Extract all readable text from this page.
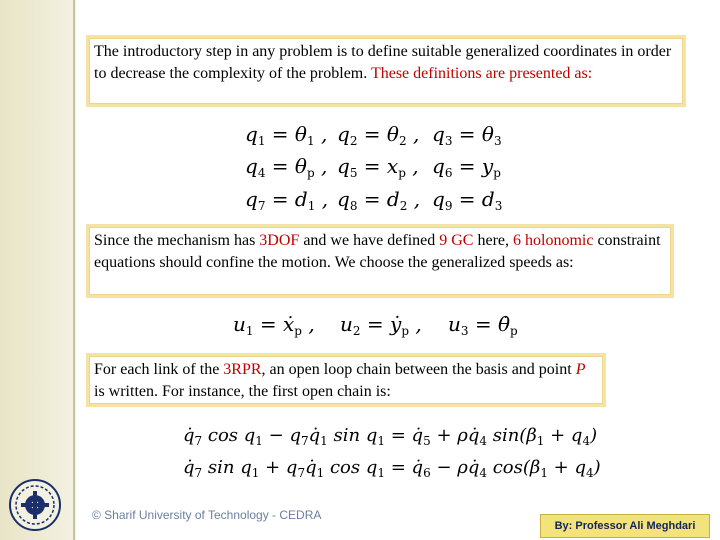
The introductory step in any problem is to define suitable generalized coordinates in order to decrease the complexity of the problem. These definitions are presented as:
$q_1 = \theta_1$ , $q_2 = \theta_2$ , $q_3 = \theta_3$
$q_4 = \theta_p$ , $q_5 = x_p$ , $q_6 = y_p$
$q_7 = d_1$ , $q_8 = d_2$ , $q_9 = d_3$
Since the mechanism has 3DOF and we have defined 9 GC here, 6 holonomic constraint equations should confine the motion. We choose the generalized speeds as:
$u_1$ = ẋ$_p$ , $u_2$ = ẏ$_p$ , $u_3$ = $\thetȧ_p$
For each link of the 3RPR, an open loop chain between the basis and point P is written. For instance, the first open chain is:
$q̇_7$ $\cos q_1$ − $q_7q̇_1$ $\sin q_1$ = $q̇_5$ + $\rho q̇_4$ $\sin(\beta_1 + q_4)$
$q̇_7$ $\sin q_1$ + $q_7q̇_1$ $\cos q_1$ = $q̇_6$ − $\rho q̇_4$ $\cos(\beta_1 + q_4)$
© Sharif University of Technology - CEDRA
By: Professor Ali Meghdari
